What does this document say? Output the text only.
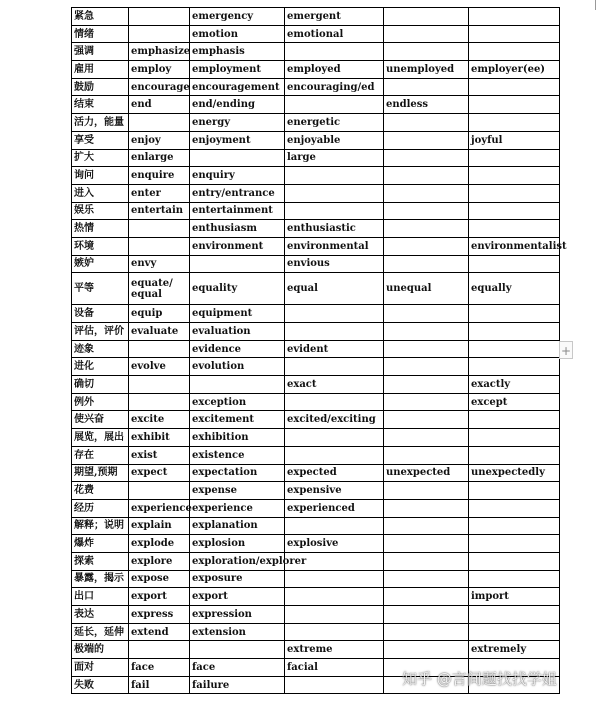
紧急		emergency	emergent		
情绪		emotion	emotional		
强调	emphasize	emphasis			
雇用	employ	employment	employed	unemployed	employer(ee)
鼓励	encourage	encouragement	encouraging/ed		
结束	end	end/ending		endless	
活力，能量		energy	energetic		
享受	enjoy	enjoyment	enjoyable		joyful
扩大	enlarge		large		
询问	enquire	enquiry			
进入	enter	entry/entrance			
娱乐	entertain	entertainment			
热情		enthusiasm	enthusiastic		
环境		environment	environmental		environmentalist
嫉妒	envy		envious		
平等	equate/ equal	equality	equal	unequal	equally
设备	equip	equipment			
评估，评价	evaluate	evaluation			
迹象		evidence	evident		
进化	evolve	evolution			
确切			exact		exactly
例外		exception			except
使兴奋	excite	excitement	excited/exciting		
展览，展出	exhibit	exhibition			
存在	exist	existence			
期望,预期	expect	expectation	expected	unexpected	unexpectedly
花费		expense	expensive		
经历	experience	experience	experienced		
解释；说明	explain	explanation			
爆炸	explode	explosion	explosive		
探索	explore	exploration/explorer			
暴露，揭示	expose	exposure			
出口	export	export			import
表达	express	expression			
延长，延伸	extend	extension			
极端的			extreme		extremely
面对	face	face	facial		
失败	fail	failure			
+
知乎 @言间题找找学姐
